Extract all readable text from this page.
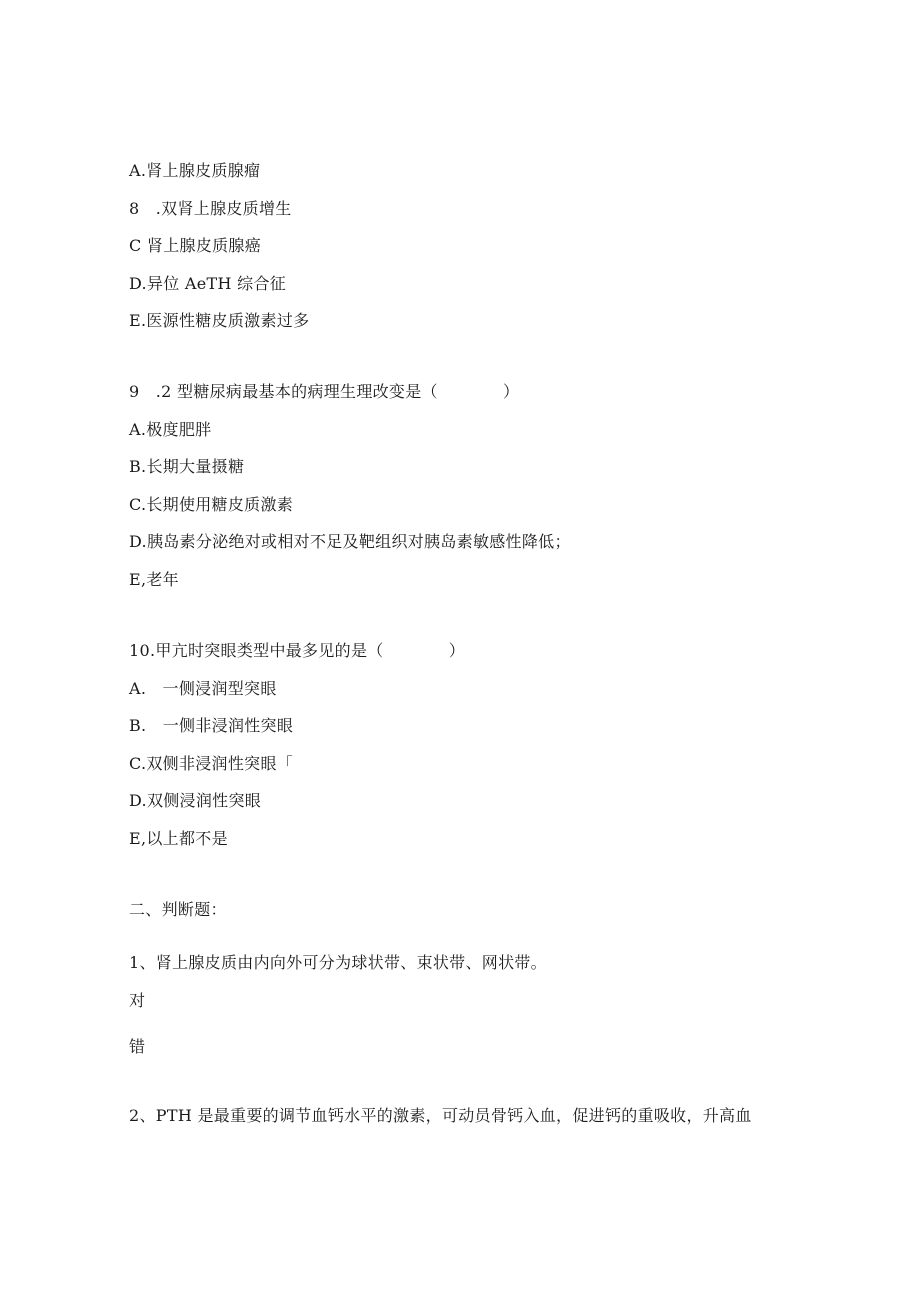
A.肾上腺皮质腺瘤
8 .双肾上腺皮质增生
C 肾上腺皮质腺癌
D.异位 AeTH 综合征
E.医源性糖皮质激素过多
9 .2 型糖尿病最基本的病理生理改变是（    ）
A.极度肥胖
B.长期大量摄糖
C.长期使用糖皮质激素
D.胰岛素分泌绝对或相对不足及靶组织对胰岛素敏感性降低；
E,老年
10.甲亢时突眼类型中最多见的是（    ）
A. 一侧浸润型突眼
B. 一侧非浸润性突眼
C.双侧非浸润性突眼「
D.双侧浸润性突眼
E,以上都不是
二、判断题：
1、肾上腺皮质由内向外可分为球状带、束状带、网状带。
对
错
2、PTH 是最重要的调节血钙水平的激素，可动员骨钙入血，促进钙的重吸收，升高血
